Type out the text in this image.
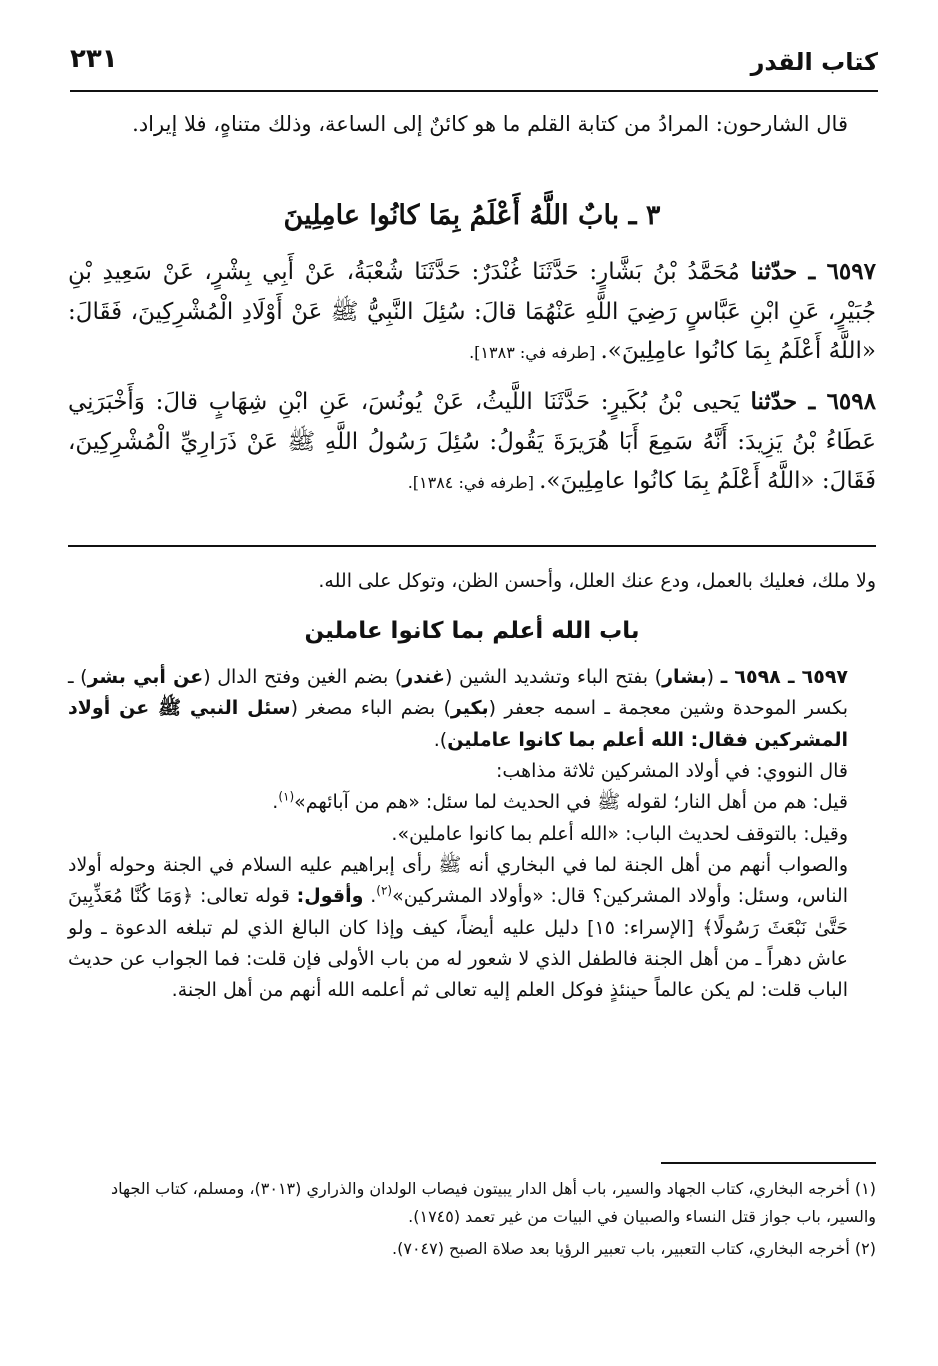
كتاب القدر
٢٣١

قال الشارحون: المرادُ من كتابة القلم ما هو كائنٌ إلى الساعة، وذلك متناهٍ، فلا إيراد.

٣ ـ بابٌ اللَّهُ أَعْلَمُ بِمَا كانُوا عامِلِينَ
٦٥٩٧ ـ حدّثنا مُحَمَّدُ بْنُ بَشَّارٍ: حَدَّثَنَا غُنْدَرٌ: حَدَّثَنَا شُعْبَةُ، عَنْ أَبِي بِشْرٍ، عَنْ سَعِيدِ بْنِ جُبَيْرٍ، عَنِ ابْنِ عَبَّاسٍ رَضِيَ اللَّهِ عَنْهُمَا قالَ: سُئِلَ النَّبِيُّ ﷺ عَنْ أَوْلَادِ الْمُشْرِكِينَ، فَقَالَ: «اللَّهُ أَعْلَمُ بِمَا كانُوا عامِلِينَ». [طرفه في: ١٣٨٣].
٦٥٩٨ ـ حدّثنا يَحيى بْنُ بُكَيرٍ: حَدَّثَنَا اللَّيثُ، عَنْ يُونُسَ، عَنِ ابْنِ شِهَابٍ قالَ: وَأَخْبَرَنِي عَطَاءُ بْنُ يَزِيدَ: أَنَّهُ سَمِعَ أَبَا هُرَيرَةَ يَقُولُ: سُئِلَ رَسُولُ اللَّهِ ﷺ عَنْ ذَرَارِيِّ الْمُشْرِكِينَ، فَقَالَ: «اللَّهُ أَعْلَمُ بِمَا كانُوا عامِلِينَ». [طرفه في: ١٣٨٤].
ولا ملك، فعليك بالعمل، ودع عنك العلل، وأحسن الظن، وتوكل على الله.
باب الله أعلم بما كانوا عاملين

٦٥٩٧ ـ ٦٥٩٨ ـ (بشار) بفتح الباء وتشديد الشين (غندر) بضم الغين وفتح الدال (عن أبي بشر) ـ بكسر الموحدة وشين معجمة ـ اسمه جعفر (بكير) بضم الباء مصغر (سئل النبي ﷺ عن أولاد المشركين فقال: الله أعلم بما كانوا عاملين).

قال النووي: في أولاد المشركين ثلاثة مذاهب:

قيل: هم من أهل النار؛ لقوله ﷺ في الحديث لما سئل: «هم من آبائهم»$^{(١)}$.

وقيل: بالتوقف لحديث الباب: «الله أعلم بما كانوا عاملين».

والصواب أنهم من أهل الجنة لما في البخاري أنه ﷺ رأى إبراهيم عليه السلام في الجنة وحوله أولاد الناس، وسئل: وأولاد المشركين؟ قال: «وأولاد المشركين»$^{(٢)}$. وأقول: قوله تعالى: ﴿وَمَا كُنَّا مُعَذِّبِينَ حَتَّىٰ نَبْعَثَ رَسُولًا﴾ [الإسراء: ١٥] دليل عليه أيضاً، كيف وإذا كان البالغ الذي لم تبلغه الدعوة ـ ولو عاش دهراً ـ من أهل الجنة فالطفل الذي لا شعور له من باب الأولى فإن قلت: فما الجواب عن حديث الباب قلت: لم يكن عالماً حينئذٍ فوكل العلم إليه تعالى ثم أعلمه الله أنهم من أهل الجنة.

(١) أخرجه البخاري، كتاب الجهاد والسير، باب أهل الدار يبيتون فيصاب الولدان والذراري (٣٠١٣)، ومسلم، كتاب الجهاد والسير، باب جواز قتل النساء والصبيان في البيات من غير تعمد (١٧٤٥).

(٢) أخرجه البخاري، كتاب التعبير، باب تعبير الرؤيا بعد صلاة الصبح (٧٠٤٧).
